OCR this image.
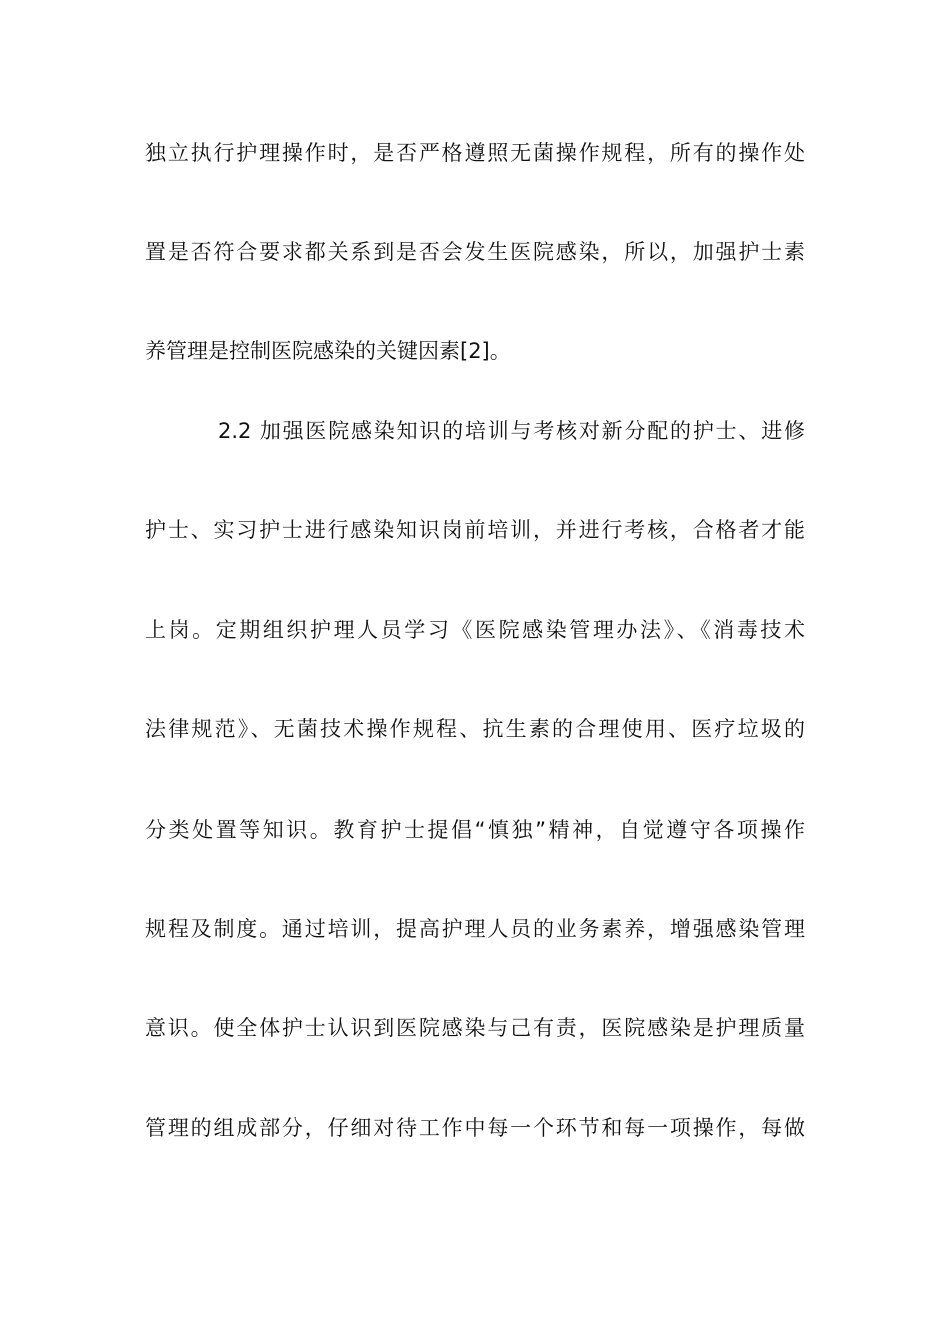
独立执行护理操作时，是否严格遵照无菌操作规程，所有的操作处
置是否符合要求都关系到是否会发生医院感染，所以，加强护士素
养管理是控制医院感染的关键因素[2]。
2.2 加强医院感染知识的培训与考核对新分配的护士、进修
护士、实习护士进行感染知识岗前培训，并进行考核，合格者才能
上岗。定期组织护理人员学习《医院感染管理办法》、《消毒技术
法律规范》、无菌技术操作规程、抗生素的合理使用、医疗垃圾的
分类处置等知识。教育护士提倡“慎独”精神，自觉遵守各项操作
规程及制度。通过培训，提高护理人员的业务素养，增强感染管理
意识。使全体护士认识到医院感染与己有责，医院感染是护理质量
管理的组成部分，仔细对待工作中每一个环节和每一项操作，每做
